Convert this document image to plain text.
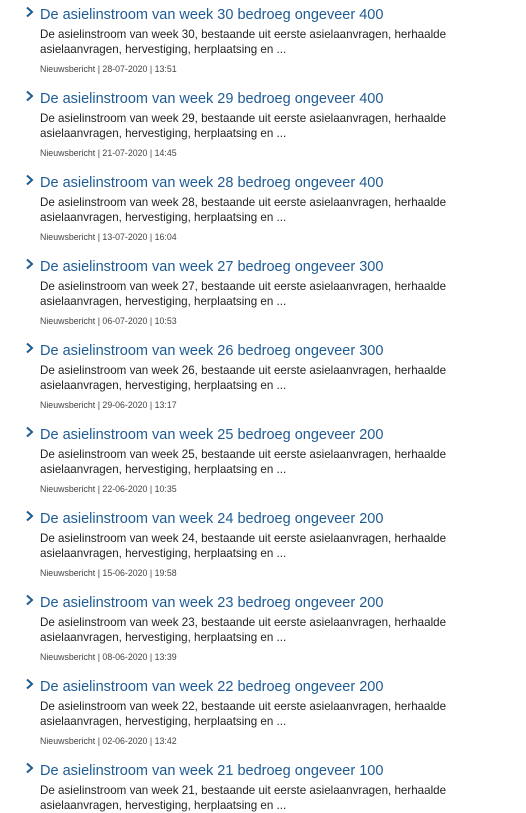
De asielinstroom van week 30 bedroeg ongeveer 400
De asielinstroom van week 30, bestaande uit eerste asielaanvragen, herhaalde asielaanvragen, hervestiging, herplaatsing en ...
Nieuwsbericht | 28-07-2020 | 13:51
De asielinstroom van week 29 bedroeg ongeveer 400
De asielinstroom van week 29, bestaande uit eerste asielaanvragen, herhaalde asielaanvragen, hervestiging, herplaatsing en ...
Nieuwsbericht | 21-07-2020 | 14:45
De asielinstroom van week 28 bedroeg ongeveer 400
De asielinstroom van week 28, bestaande uit eerste asielaanvragen, herhaalde asielaanvragen, hervestiging, herplaatsing en ...
Nieuwsbericht | 13-07-2020 | 16:04
De asielinstroom van week 27 bedroeg ongeveer 300
De asielinstroom van week 27, bestaande uit eerste asielaanvragen, herhaalde asielaanvragen, hervestiging, herplaatsing en ...
Nieuwsbericht | 06-07-2020 | 10:53
De asielinstroom van week 26 bedroeg ongeveer 300
De asielinstroom van week 26, bestaande uit eerste asielaanvragen, herhaalde asielaanvragen, hervestiging, herplaatsing en ...
Nieuwsbericht | 29-06-2020 | 13:17
De asielinstroom van week 25 bedroeg ongeveer 200
De asielinstroom van week 25, bestaande uit eerste asielaanvragen, herhaalde asielaanvragen, hervestiging, herplaatsing en ...
Nieuwsbericht | 22-06-2020 | 10:35
De asielinstroom van week 24 bedroeg ongeveer 200
De asielinstroom van week 24, bestaande uit eerste asielaanvragen, herhaalde asielaanvragen, hervestiging, herplaatsing en ...
Nieuwsbericht | 15-06-2020 | 19:58
De asielinstroom van week 23 bedroeg ongeveer 200
De asielinstroom van week 23, bestaande uit eerste asielaanvragen, herhaalde asielaanvragen, hervestiging, herplaatsing en ...
Nieuwsbericht | 08-06-2020 | 13:39
De asielinstroom van week 22 bedroeg ongeveer 200
De asielinstroom van week 22, bestaande uit eerste asielaanvragen, herhaalde asielaanvragen, hervestiging, herplaatsing en ...
Nieuwsbericht | 02-06-2020 | 13:42
De asielinstroom van week 21 bedroeg ongeveer 100
De asielinstroom van week 21, bestaande uit eerste asielaanvragen, herhaalde asielaanvragen, hervestiging, herplaatsing en ...
